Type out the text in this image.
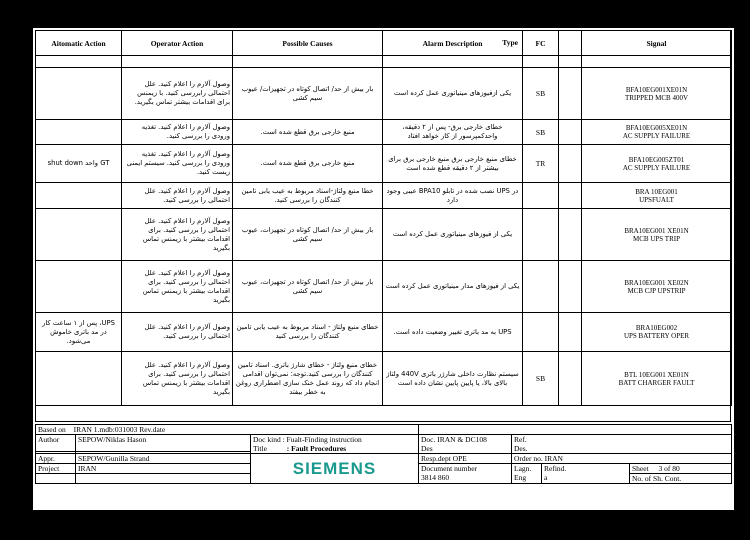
Aitomatic Action	Operator Action	Possible Causes	Alarm Description Type	FC		Signal

	وصول آلارم را اعلام کنید. علل احتمالی رابررسی کنید. با زیمنس برای اقدامات بیشتر تماس بگیرید.	بار بیش از حد/ اتصال کوتاه در تجهیزات/ عیوب سیم کشی	یکی ازفیوزهای مینیاتوری عمل کرده است	SB		BFA10EG001XE01N
TRIPPED MCB 400V
	وصول آلارم را اعلام کنید. تغذیه ورودی را بررسی کنید.	منبع خارجی برق قطع شده است.	خطای خارجی برق- پس از ۲ دقیقه، واحدکمپرسور از کار خواهد افتاد	SB		BFA10EG005XE01N
AC SUPPLY FAILURE
GT واحد shut down	وصول آلارم را اعلام کنید. تغذیه ورودی را بررسی کنید. سیستم ایمنی زیست کنید.	منبع خارجی برق قطع شده است.	خطای منبع خارجی برق منبع خارجی برق برای بیشتر از ۲ دقیقه قطع شده است	TR		BFA10EG005ZT01
AC SUPPLY FAILURE
	وصول آلارم را اعلام کنید. علل احتمالی را بررسی کنید.	خطا منبع ولتاژ-اسناد مربوط به عیب یابی تامین کنندگان را بررسی کنید.	در UPS نصب شده در تابلو BPA10 عیبی وجود دارد			BRA 10EG001
UPSFUALT
	وصول آلارم را اعلام کنید. علل احتمالی را بررسی کنید. برای اقدامات بیشتر با زیمنس تماس بگیرید	بار بیش از حد/ اتصال کوتاه در تجهیزات، عیوب سیم کشی	یکی از فیوزهای مینیاتوری عمل کرده است			BRA10EG001 XE01N
MCB UPS TRIP
	وصول آلارم را اعلام کنید. علل احتمالی را بررسی کنید. برای اقدامات بیشتر با زیمنس تماس بگیرید	بار بیش از حد/ اتصال کوتاه در تجهیزات، عیوب سیم کشی	یکی از فیوزهای مدار مینیاتوری عمل کرده است			BRA10EG001 XE02N
MCB CJP UPSTRIP
UPS، پس از ۱ ساعت کار در مد باتری خاموش می‌شود.	وصول آلارم را اعلام کنید. علل احتمالی را بررسی کنید.	خطای منبع ولتاژ - اسناد مربوط به عیب یابی تامین کنندگان را بررسی کنید	UPS به مد باتری تغییر وضعیت داده است.			BRA10EG002
UPS BATTERY OPER
	وصول آلارم را اعلام کنید. علل احتمالی را بررسی کنید. برای اقدامات بیشتر با زیمنس تماس بگیرید	خطای منبع ولتاژ - خطای شارژ باتری. اسناد تامین کنندگان را بررسی کنید.توجه: نمی‌توان اقدامی انجام داد که روند عمل خنک سازی اضطراری روغن به خطر بیفتد	سیستم نظارت داخلی شارژر باتری 440V ولتاژ بالای بالا، یا پایین پایین نشان داده است	SB		BTL 10EG001 XE01N
BATT CHARGER FAULT
Based on IRAN 1.mdb:031003 Rev.date						
Author	SEPOW/Niklas Hason	Doc kind : Fualt-Finding instruction
Title : Fault Procedures	Doc. IRAN & DC108
Des	Ref.
Des.		

Appr.	SEPOW/Gunilla Strand	SIEMENS	Resp.dept OPE	Order no. IRAN		
Project	IRAN		Document number
3814 860	Lagn.
Eng	Refind.
a	Sheet 3 of 80
						No. of Sh. Cont.
